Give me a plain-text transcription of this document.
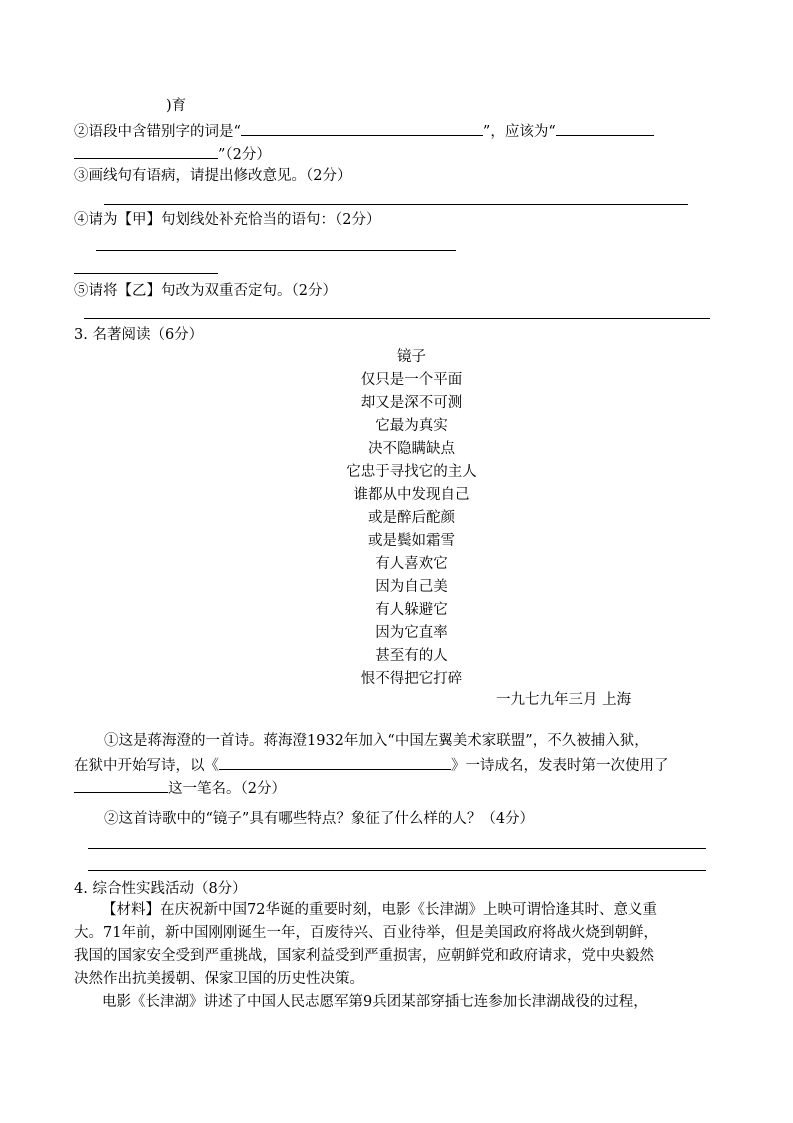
)育
②语段中含错别字的词是“	”，应该为“
”（2分）
③画线句有语病，请提出修改意见。（2分）
④请为【甲】句划线处补充恰当的语句：（2分）
⑤请将【乙】句改为双重否定句。（2分）
3. 名著阅读（6分）
镜子
仅只是一个平面
却又是深不可测
它最为真实
决不隐瞒缺点
它忠于寻找它的主人
谁都从中发现自己
或是醉后酡颜
或是鬓如霜雪
有人喜欢它
因为自己美
有人躲避它
因为它直率
甚至有的人
恨不得把它打碎
一九七九年三月 上海
①这是蒋海澄的一首诗。蒋海澄1932年加入“中国左翼美术家联盟”，不久被捕入狱，
在狱中开始写诗，以《	》一诗成名，发表时第一次使用了
这一笔名。（2分）
②这首诗歌中的“镜子”具有哪些特点？象征了什么样的人？（4分）
4. 综合性实践活动（8分）
【材料】在庆祝新中国72华诞的重要时刻，电影《长津湖》上映可谓恰逢其时、意义重
大。71年前，新中国刚刚诞生一年，百废待兴、百业待举，但是美国政府将战火烧到朝鲜，
我国的国家安全受到严重挑战，国家利益受到严重损害，应朝鲜党和政府请求，党中央毅然
决然作出抗美援朝、保家卫国的历史性决策。
电影《长津湖》讲述了中国人民志愿军第9兵团某部穿插七连参加长津湖战役的过程，
